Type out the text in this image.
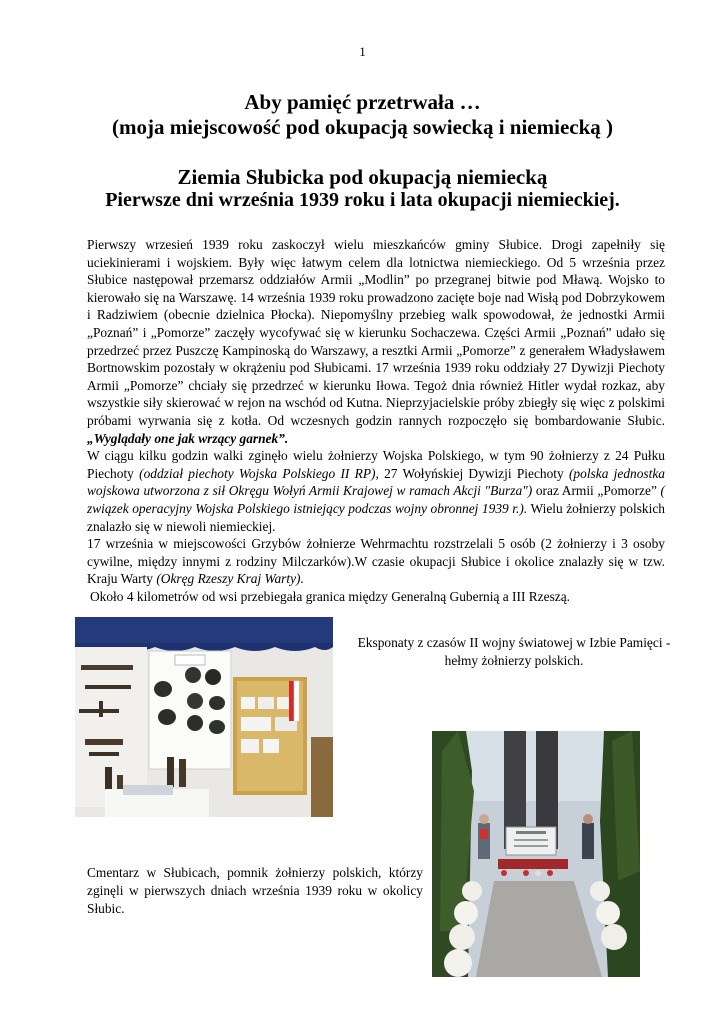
1
Aby pamięć przetrwała …
(moja miejscowość pod okupacją sowiecką i niemiecką )
Ziemia Słubicka pod okupacją niemiecką
Pierwsze dni września 1939 roku i lata okupacji niemieckiej.

Pierwszy wrzesień 1939 roku zaskoczył wielu mieszkańców gminy Słubice. Drogi zapełniły się uciekinierami i wojskiem. Były więc łatwym celem dla lotnictwa niemieckiego. Od 5 września przez Słubice następował przemarsz oddziałów Armii „Modlin” po przegranej bitwie pod Mławą. Wojsko to kierowało się na Warszawę. 14 września 1939 roku prowadzono zacięte boje nad Wisłą pod Dobrzykowem i Radziwiem (obecnie dzielnica Płocka). Niepomyślny przebieg walk spowodował, że jednostki Armii „Poznań” i „Pomorze” zaczęły wycofywać się w kierunku Sochaczewa. Części Armii „Poznań” udało się przedrzeć przez Puszczę Kampinoską do Warszawy, a resztki Armii „Pomorze” z generałem Władysławem Bortnowskim pozostały w okrążeniu pod Słubicami. 17 września 1939 roku oddziały 27 Dywizji Piechoty Armii „Pomorze” chciały się przedrzeć w kierunku Iłowa. Tegoż dnia również Hitler wydał rozkaz, aby wszystkie siły skierować w rejon na wschód od Kutna. Nieprzyjacielskie próby zbiegły się więc z polskimi próbami wyrwania się z kotła. Od wczesnych godzin rannych rozpoczęło się bombardowanie Słubic. „Wyglądały one jak wrzący garnek”.

W ciągu kilku godzin walki zginęło wielu żołnierzy Wojska Polskiego, w tym 90 żołnierzy z 24 Pułku Piechoty (oddział piechoty Wojska Polskiego II RP), 27 Wołyńskiej Dywizji Piechoty (polska jednostka wojskowa utworzona z sił Okręgu Wołyń Armii Krajowej w ramach Akcji "Burza") oraz Armii „Pomorze” ( związek operacyjny Wojska Polskiego istniejący podczas wojny obronnej 1939 r.). Wielu żołnierzy polskich znalazło się w niewoli niemieckiej.

17 września w miejscowości Grzybów żołnierze Wehrmachtu rozstrzelali 5 osób (2 żołnierzy i 3 osoby cywilne, między innymi z rodziny Milczarków).W czasie okupacji Słubice i okolice znalazły się w tzw. Kraju Warty (Okręg Rzeszy Kraj Warty).

Około 4 kilometrów od wsi przebiegała granica między Generalną Gubernią a III Rzeszą.

Eksponaty z czasów II wojny światowej w Izbie Pamięci - hełmy żołnierzy polskich.
Cmentarz w Słubicach, pomnik żołnierzy polskich, którzy zginęli w pierwszych dniach września 1939 roku w okolicy Słubic.
